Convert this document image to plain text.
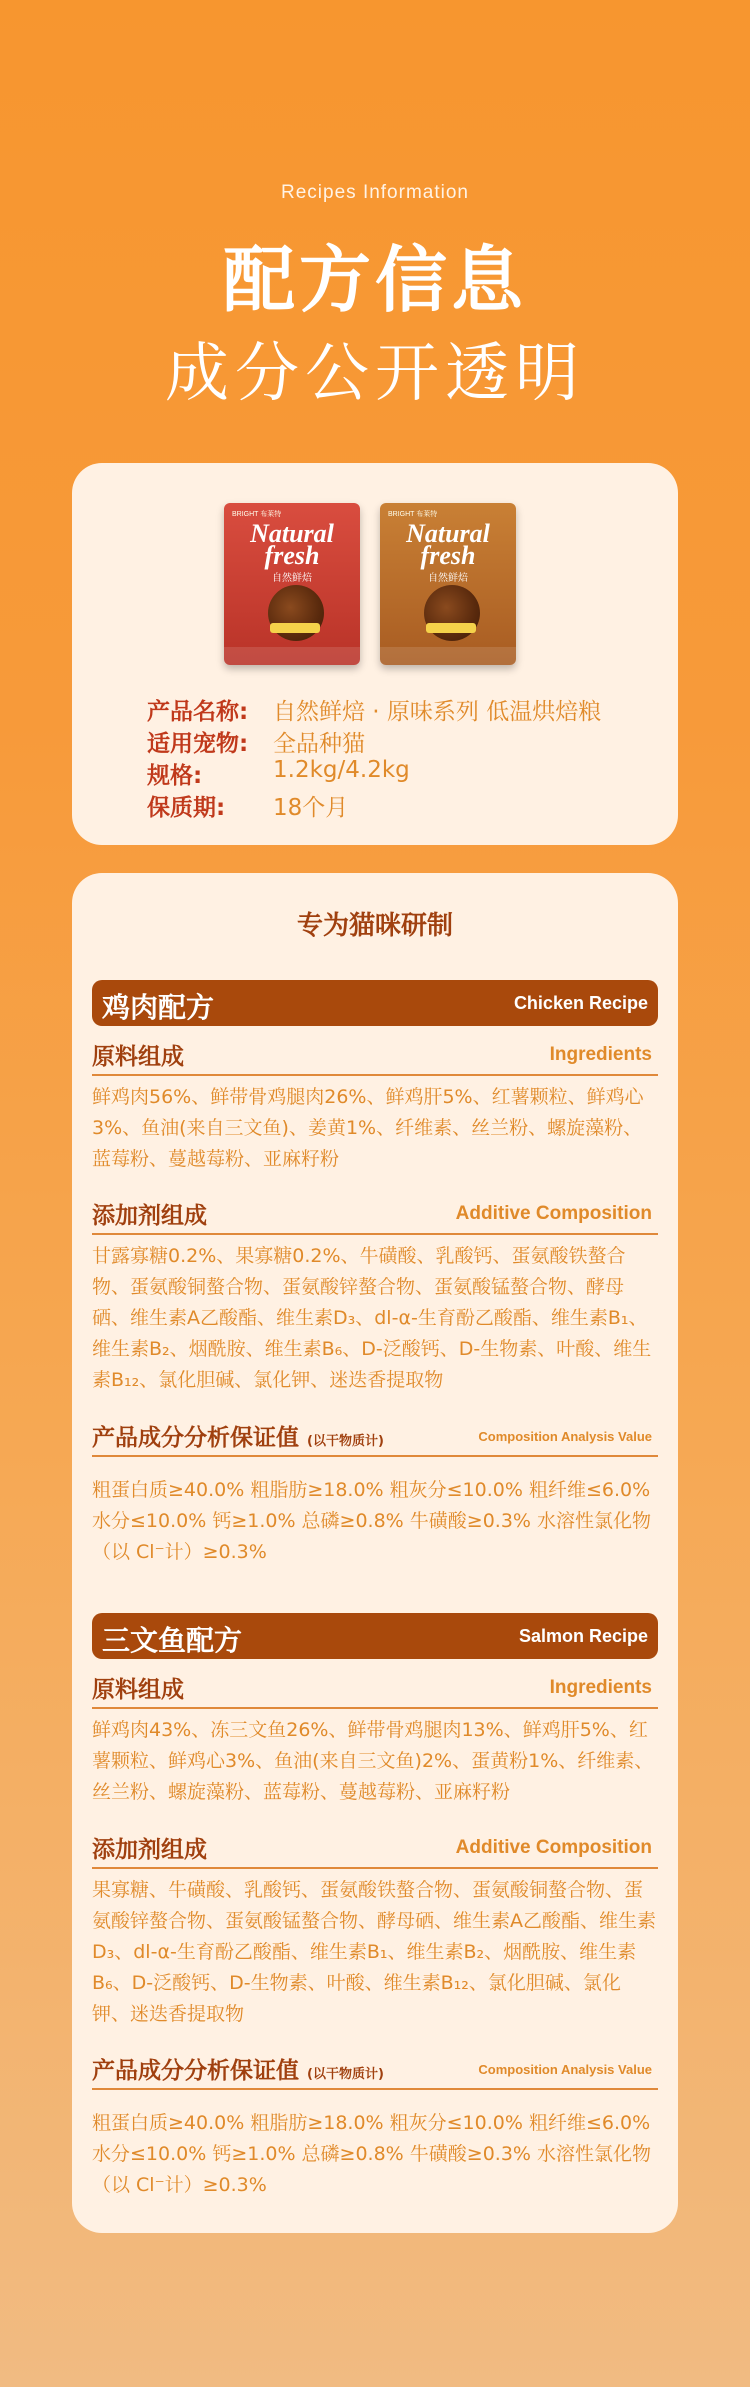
Recipes Information
配方信息
成分公开透明
BRIGHT 布莱特
Natural
fresh
自然鲜焙
BRIGHT 布莱特
Natural
fresh
自然鲜焙
产品名称: 自然鲜焙 · 原味系列 低温烘焙粮
适用宠物: 全品种猫
规格:	1.2kg/4.2kg
保质期: 18个月
专为猫咪研制
鸡肉配方	Chicken Recipe
原料组成	Ingredients
鲜鸡肉56%、鲜带骨鸡腿肉26%、鲜鸡肝5%、红薯颗粒、鲜鸡心3%、鱼油(来自三文鱼)、姜黄1%、纤维素、丝兰粉、螺旋藻粉、蓝莓粉、蔓越莓粉、亚麻籽粉
添加剂组成	Additive Composition
甘露寡糖0.2%、果寡糖0.2%、牛磺酸、乳酸钙、蛋氨酸铁螯合物、蛋氨酸铜螯合物、蛋氨酸锌螯合物、蛋氨酸锰螯合物、酵母硒、维生素A乙酸酯、维生素D₃、dl-α-生育酚乙酸酯、维生素B₁、维生素B₂、烟酰胺、维生素B₆、D-泛酸钙、D-生物素、叶酸、维生素B₁₂、氯化胆碱、氯化钾、迷迭香提取物
产品成分分析保证值 (以干物质计)	Composition Analysis Value
粗蛋白质≥40.0% 粗脂肪≥18.0% 粗灰分≤10.0% 粗纤维≤6.0% 水分≤10.0% 钙≥1.0% 总磷≥0.8% 牛磺酸≥0.3% 水溶性氯化物（以 Cl⁻计）≥0.3%
三文鱼配方	Salmon Recipe
原料组成	Ingredients
鲜鸡肉43%、冻三文鱼26%、鲜带骨鸡腿肉13%、鲜鸡肝5%、红薯颗粒、鲜鸡心3%、鱼油(来自三文鱼)2%、蛋黄粉1%、纤维素、丝兰粉、螺旋藻粉、蓝莓粉、蔓越莓粉、亚麻籽粉
添加剂组成	Additive Composition
果寡糖、牛磺酸、乳酸钙、蛋氨酸铁螯合物、蛋氨酸铜螯合物、蛋氨酸锌螯合物、蛋氨酸锰螯合物、酵母硒、维生素A乙酸酯、维生素D₃、dl-α-生育酚乙酸酯、维生素B₁、维生素B₂、烟酰胺、维生素B₆、D-泛酸钙、D-生物素、叶酸、维生素B₁₂、氯化胆碱、氯化钾、迷迭香提取物
产品成分分析保证值 (以干物质计)	Composition Analysis Value
粗蛋白质≥40.0% 粗脂肪≥18.0% 粗灰分≤10.0% 粗纤维≤6.0% 水分≤10.0% 钙≥1.0% 总磷≥0.8% 牛磺酸≥0.3% 水溶性氯化物（以 Cl⁻计）≥0.3%
